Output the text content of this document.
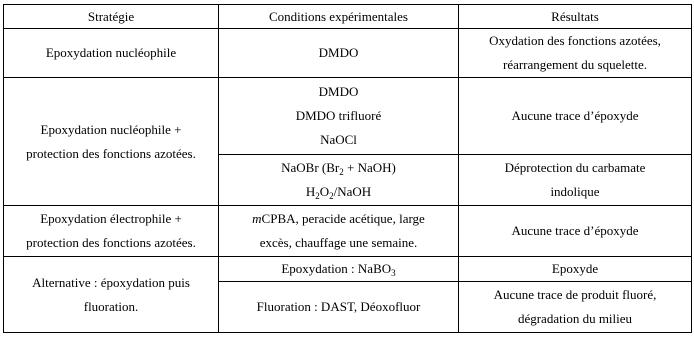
Stratégie	Conditions expérimentales	Résultats
Epoxydation nucléophile	DMDO	Oxydation des fonctions azotées,
réarrangement du squelette.

Epoxydation nucléophile +
protection des fonctions azotées.	DMDO
DMDO trifluoré
NaOCl	Aucune trace d’époxyde

	NaOBr ($Br_2$ + NaOH)
$H_2O_2$/NaOH	Déprotection du carbamate
indolique

Epoxydation électrophile +
protection des fonctions azotées.	mCPBA, peracide acétique, large
excès, chauffage une semaine.	Aucune trace d’époxyde

Alternative : époxydation puis
fluoration.	Epoxydation : NaBO$_3$	Epoxyde
	Fluoration : DAST, Déoxofluor	Aucune trace de produit fluoré,
dégradation du milieu
